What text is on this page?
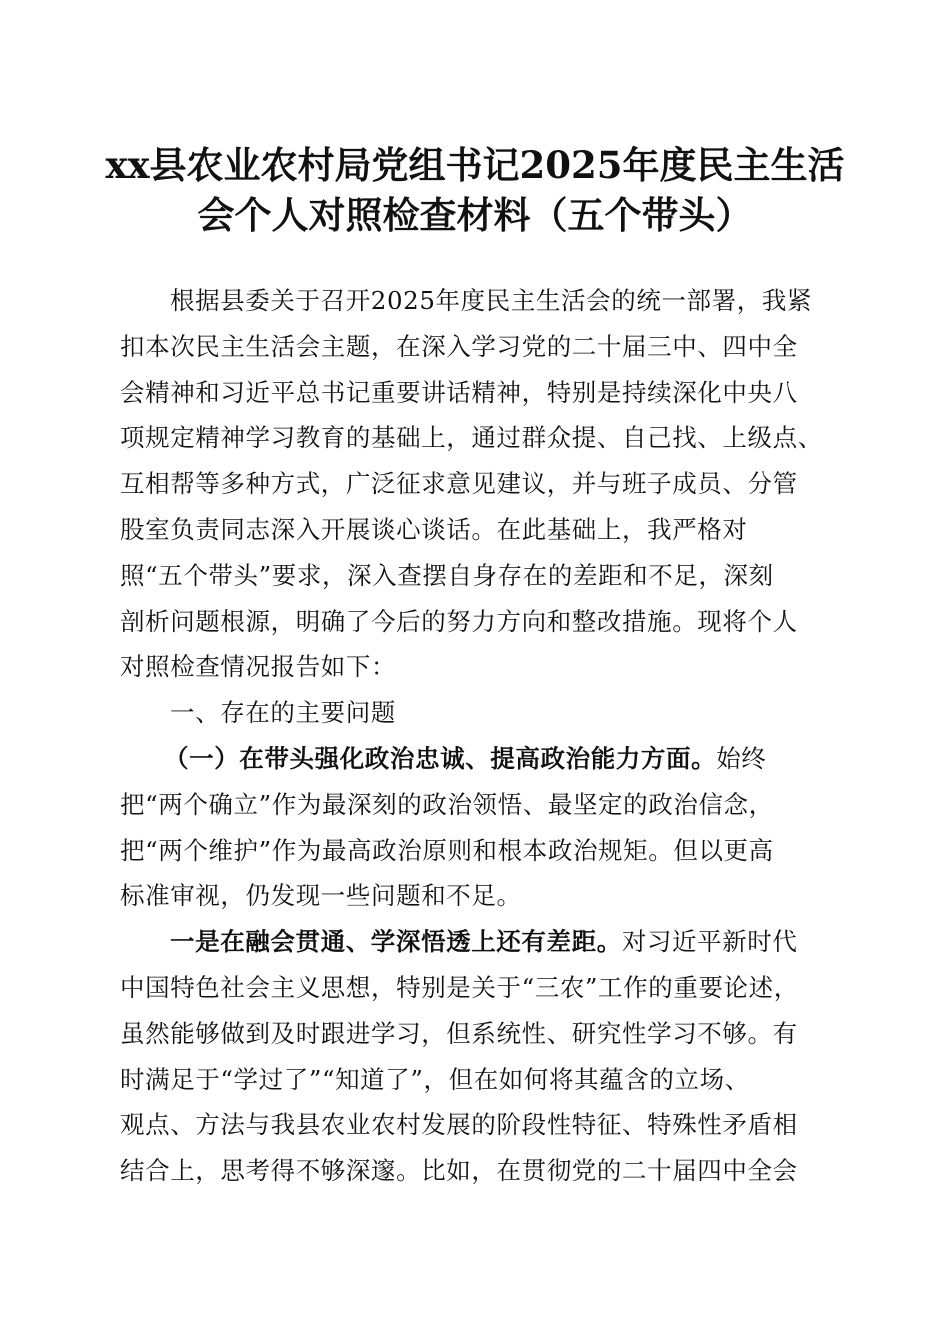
xx县农业农村局党组书记2025年度民主生活
会个人对照检查材料（五个带头）
根据县委关于召开2025年度民主生活会的统一部署，我紧
扣本次民主生活会主题，在深入学习党的二十届三中、四中全
会精神和习近平总书记重要讲话精神，特别是持续深化中央八
项规定精神学习教育的基础上，通过群众提、自己找、上级点、
互相帮等多种方式，广泛征求意见建议，并与班子成员、分管
股室负责同志深入开展谈心谈话。在此基础上，我严格对
照“五个带头”要求，深入查摆自身存在的差距和不足，深刻
剖析问题根源，明确了今后的努力方向和整改措施。现将个人
对照检查情况报告如下：
一、存在的主要问题
（一）在带头强化政治忠诚、提高政治能力方面。始终
把“两个确立”作为最深刻的政治领悟、最坚定的政治信念，
把“两个维护”作为最高政治原则和根本政治规矩。但以更高
标准审视，仍发现一些问题和不足。
一是在融会贯通、学深悟透上还有差距。对习近平新时代
中国特色社会主义思想，特别是关于“三农”工作的重要论述，
虽然能够做到及时跟进学习，但系统性、研究性学习不够。有
时满足于“学过了”“知道了”，但在如何将其蕴含的立场、
观点、方法与我县农业农村发展的阶段性特征、特殊性矛盾相
结合上，思考得不够深邃。比如，在贯彻党的二十届四中全会
